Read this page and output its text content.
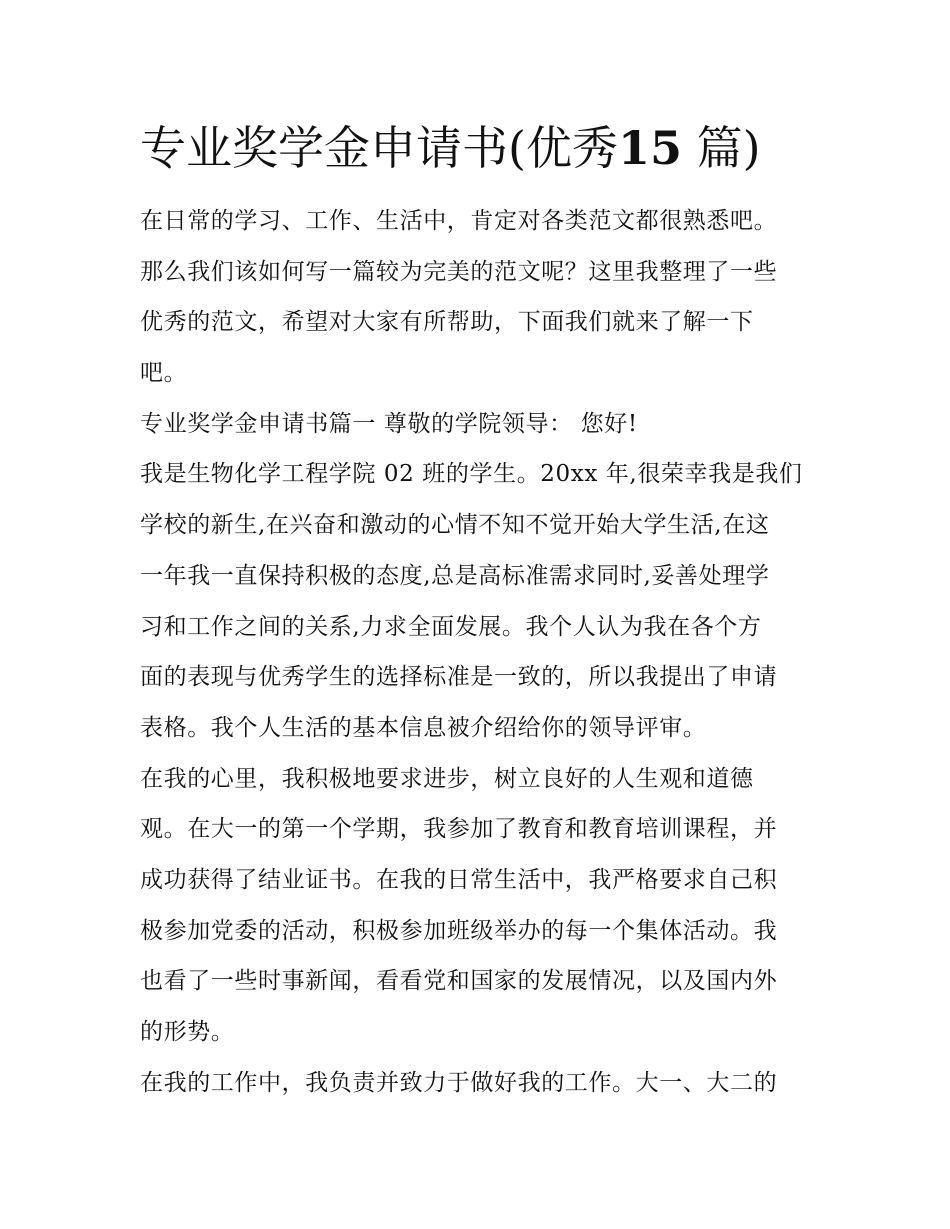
专业奖学金申请书(优秀15 篇)
在日常的学习、工作、生活中，肯定对各类范文都很熟悉吧。
那么我们该如何写一篇较为完美的范文呢？这里我整理了一些
优秀的范文，希望对大家有所帮助，下面我们就来了解一下
吧。
专业奖学金申请书篇一 尊敬的学院领导： 您好!
我是生物化学工程学院 02 班的学生。20xx 年,很荣幸我是我们
学校的新生,在兴奋和激动的心情不知不觉开始大学生活,在这
一年我一直保持积极的态度,总是高标准需求同时,妥善处理学
习和工作之间的关系,力求全面发展。我个人认为我在各个方
面的表现与优秀学生的选择标准是一致的，所以我提出了申请
表格。我个人生活的基本信息被介绍给你的领导评审。
在我的心里，我积极地要求进步，树立良好的人生观和道德
观。在大一的第一个学期，我参加了教育和教育培训课程，并
成功获得了结业证书。在我的日常生活中，我严格要求自己积
极参加党委的活动，积极参加班级举办的每一个集体活动。我
也看了一些时事新闻，看看党和国家的发展情况，以及国内外
的形势。
在我的工作中，我负责并致力于做好我的工作。大一、大二的
